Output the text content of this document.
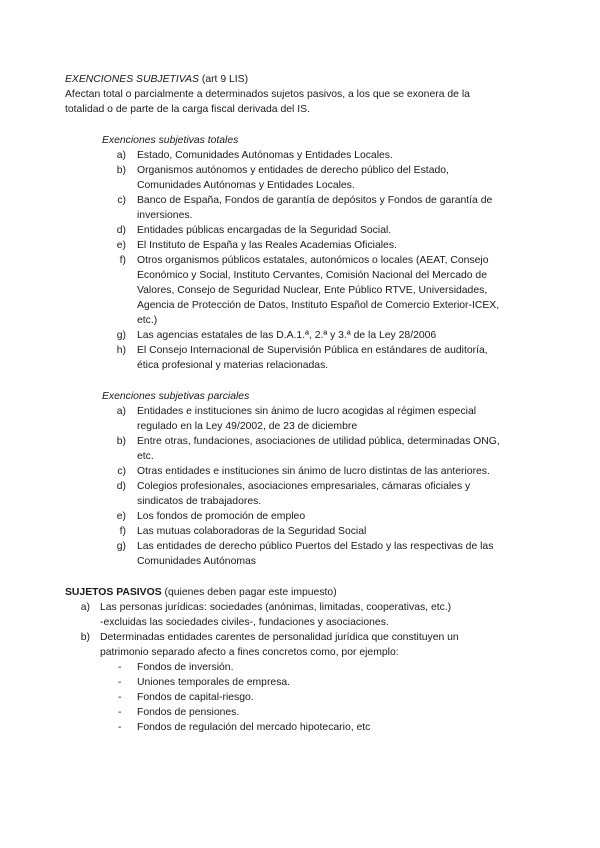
EXENCIONES SUBJETIVAS (art 9 LIS)
Afectan total o parcialmente a determinados sujetos pasivos, a los que se exonera de la
totalidad o de parte de la carga fiscal derivada del IS.
Exenciones subjetivas totales
a) Estado, Comunidades Autónomas y Entidades Locales.
b) Organismos autónomos y entidades de derecho público del Estado,
Comunidades Autónomas y Entidades Locales.
c) Banco de España, Fondos de garantía de depósitos y Fondos de garantía de
inversiones.
d) Entidades públicas encargadas de la Seguridad Social.
e) El Instituto de España y las Reales Academias Oficiales.
f) Otros organismos públicos estatales, autonómicos o locales (AEAT, Consejo
Económico y Social, Instituto Cervantes, Comisión Nacional del Mercado de
Valores, Consejo de Seguridad Nuclear, Ente Público RTVE, Universidades,
Agencia de Protección de Datos, Instituto Español de Comercio Exterior-ICEX,
etc.)
g) Las agencias estatales de las D.A.1.ª, 2.ª y 3.ª de la Ley 28/2006
h) El Consejo Internacional de Supervisión Pública en estándares de auditoría,
ética profesional y materias relacionadas.
Exenciones subjetivas parciales
a) Entidades e instituciones sin ánimo de lucro acogidas al régimen especial
regulado en la Ley 49/2002, de 23 de diciembre
b) Entre otras, fundaciones, asociaciones de utilidad pública, determinadas ONG,
etc.
c) Otras entidades e instituciones sin ánimo de lucro distintas de las anteriores.
d) Colegios profesionales, asociaciones empresariales, cámaras oficiales y
sindicatos de trabajadores.
e) Los fondos de promoción de empleo
f) Las mutuas colaboradoras de la Seguridad Social
g) Las entidades de derecho público Puertos del Estado y las respectivas de las
Comunidades Autónomas
SUJETOS PASIVOS (quienes deben pagar este impuesto)
a) Las personas jurídicas: sociedades (anónimas, limitadas, cooperativas, etc.)
-excluidas las sociedades civiles-, fundaciones y asociaciones.
b) Determinadas entidades carentes de personalidad jurídica que constituyen un
patrimonio separado afecto a fines concretos como, por ejemplo:
- Fondos de inversión.
- Uniones temporales de empresa.
- Fondos de capital-riesgo.
- Fondos de pensiones.
- Fondos de regulación del mercado hipotecario, etc
